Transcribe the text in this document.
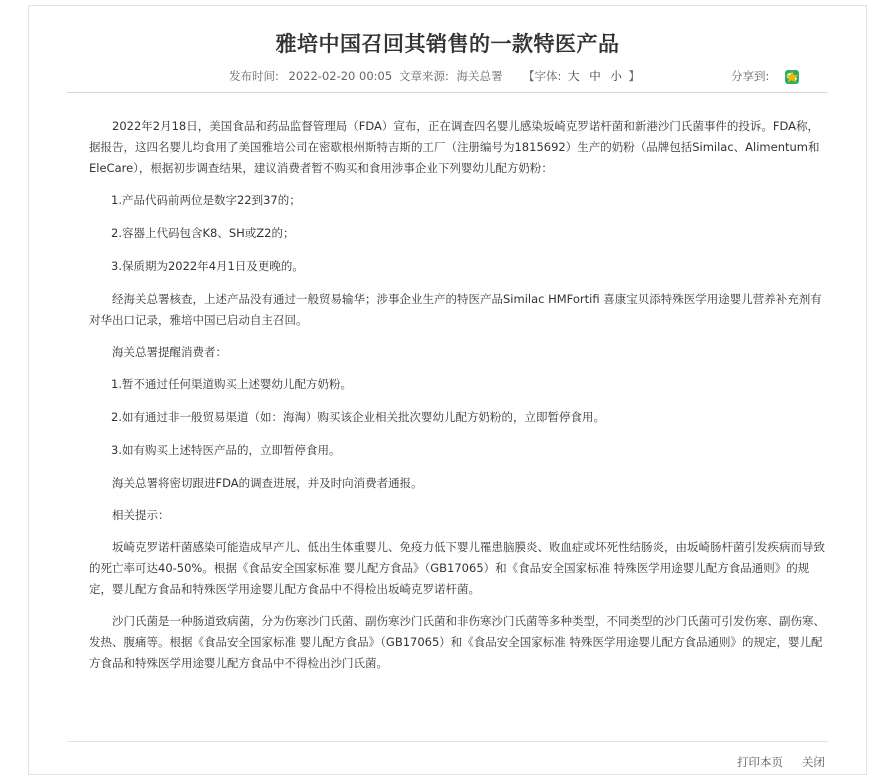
雅培中国召回其销售的一款特医产品
发布时间: 2022-02-20 00:05 文章来源: 海关总署 【字体: 大 中 小 】	分享到:

2022年2月18日，美国食品和药品监督管理局（FDA）宣布，正在调查四名婴儿感染坂崎克罗诺杆菌和新港沙门氏菌事件的投诉。FDA称，据报告，这四名婴儿均食用了美国雅培公司在密歇根州斯特吉斯的工厂（注册编号为1815692）生产的奶粉（品牌包括Similac、Alimentum和EleCare），根据初步调查结果，建议消费者暂不购买和食用涉事企业下列婴幼儿配方奶粉：

1.产品代码前两位是数字22到37的；

2.容器上代码包含K8、SH或Z2的；

3.保质期为2022年4月1日及更晚的。

经海关总署核查，上述产品没有通过一般贸易输华；涉事企业生产的特医产品Similac HMFortifi 喜康宝贝添特殊医学用途婴儿营养补充剂有对华出口记录，雅培中国已启动自主召回。

海关总署提醒消费者：

1.暂不通过任何渠道购买上述婴幼儿配方奶粉。

2.如有通过非一般贸易渠道（如：海淘）购买该企业相关批次婴幼儿配方奶粉的，立即暂停食用。

3.如有购买上述特医产品的，立即暂停食用。

海关总署将密切跟进FDA的调查进展，并及时向消费者通报。

相关提示：

坂崎克罗诺杆菌感染可能造成早产儿、低出生体重婴儿、免疫力低下婴儿罹患脑膜炎、败血症或坏死性结肠炎，由坂崎肠杆菌引发疾病而导致的死亡率可达40-50%。根据《食品安全国家标准 婴儿配方食品》（GB17065）和《食品安全国家标准 特殊医学用途婴儿配方食品通则》的规定，婴儿配方食品和特殊医学用途婴儿配方食品中不得检出坂崎克罗诺杆菌。

沙门氏菌是一种肠道致病菌，分为伤寒沙门氏菌、副伤寒沙门氏菌和非伤寒沙门氏菌等多种类型，不同类型的沙门氏菌可引发伤寒、副伤寒、发热、腹痛等。根据《食品安全国家标准 婴儿配方食品》（GB17065）和《食品安全国家标准 特殊医学用途婴儿配方食品通则》的规定，婴儿配方食品和特殊医学用途婴儿配方食品中不得检出沙门氏菌。

打印本页 关闭
